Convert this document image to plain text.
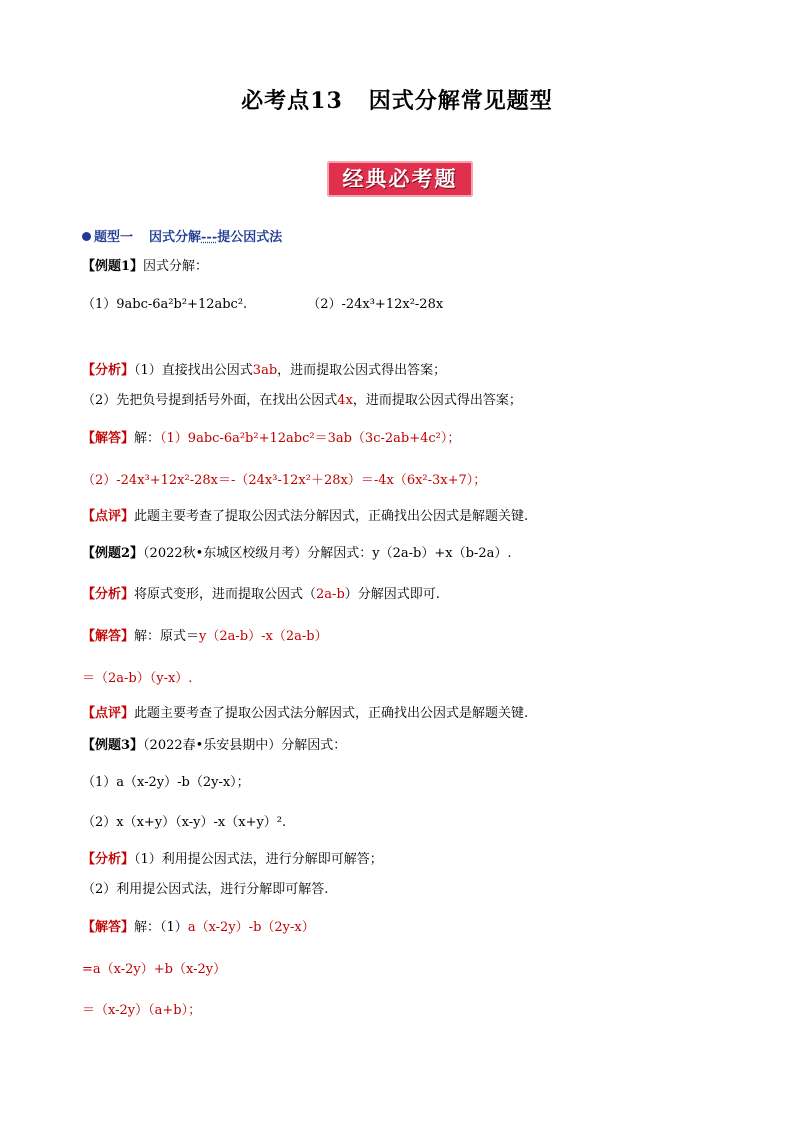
必考点13 因式分解常见题型
经典必考题
题型一 因式分解---提公因式法
【例题1】因式分解：
（1）9abc-6a²b²+12abc².	（2）-24x³+12x²-28x
【分析】（1）直接找出公因式3ab，进而提取公因式得出答案；
（2）先把负号提到括号外面，在找出公因式4x，进而提取公因式得出答案；
【解答】解：（1）9abc-6a²b²+12abc²＝3ab（3c-2ab+4c²）；
（2）-24x³+12x²-28x＝-（24x³-12x²＋28x）＝-4x（6x²-3x+7）；
【点评】此题主要考查了提取公因式法分解因式，正确找出公因式是解题关键.
【例题2】（2022秋•东城区校级月考）分解因式：y（2a-b）+x（b-2a）.
【分析】将原式变形，进而提取公因式（2a-b）分解因式即可.
【解答】解：原式＝y（2a-b）-x（2a-b）
＝（2a-b）（y-x）.
【点评】此题主要考查了提取公因式法分解因式，正确找出公因式是解题关键.
【例题3】（2022春•乐安县期中）分解因式：
（1）a（x-2y）-b（2y-x）；
（2）x（x+y）（x-y）-x（x+y）².
【分析】（1）利用提公因式法，进行分解即可解答；
（2）利用提公因式法，进行分解即可解答.
【解答】解：（1）a（x-2y）-b（2y-x）
=a（x-2y）+b（x-2y）
＝（x-2y）（a+b）；
